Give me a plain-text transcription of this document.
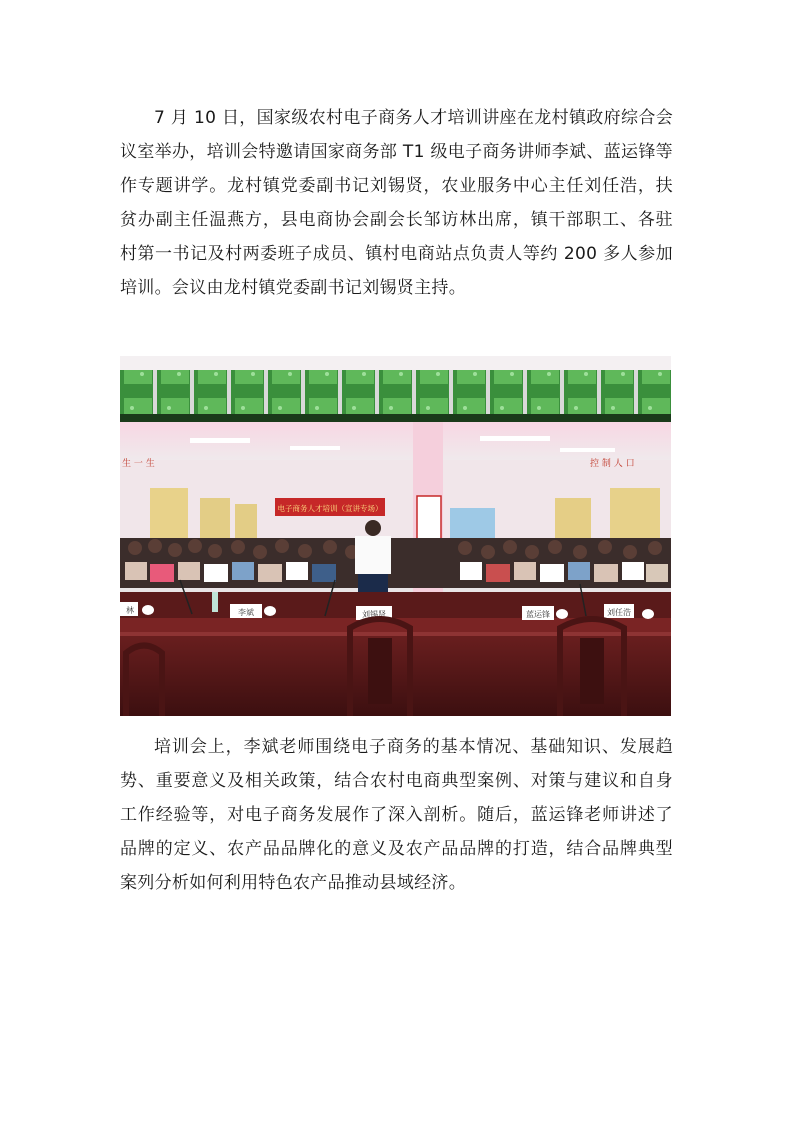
7 月 10 日，国家级农村电子商务人才培训讲座在龙村镇政府综合会议室举办，培训会特邀请国家商务部 T1 级电子商务讲师李斌、蓝运锋等作专题讲学。龙村镇党委副书记刘锡贤，农业服务中心主任刘任浩，扶贫办副主任温燕方，县电商协会副会长邹访林出席，镇干部职工、各驻村第一书记及村两委班子成员、镇村电商站点负责人等约 200 多人参加培训。会议由龙村镇党委副书记刘锡贤主持。

生 一 生	控 制 人 口
电子商务人才培训（宣讲专场）
林	李斌	刘锡贤	蓝运锋	刘任浩

培训会上，李斌老师围绕电子商务的基本情况、基础知识、发展趋势、重要意义及相关政策，结合农村电商典型案例、对策与建议和自身工作经验等，对电子商务发展作了深入剖析。随后，蓝运锋老师讲述了品牌的定义、农产品品牌化的意义及农产品品牌的打造，结合品牌典型案列分析如何利用特色农产品推动县域经济。
